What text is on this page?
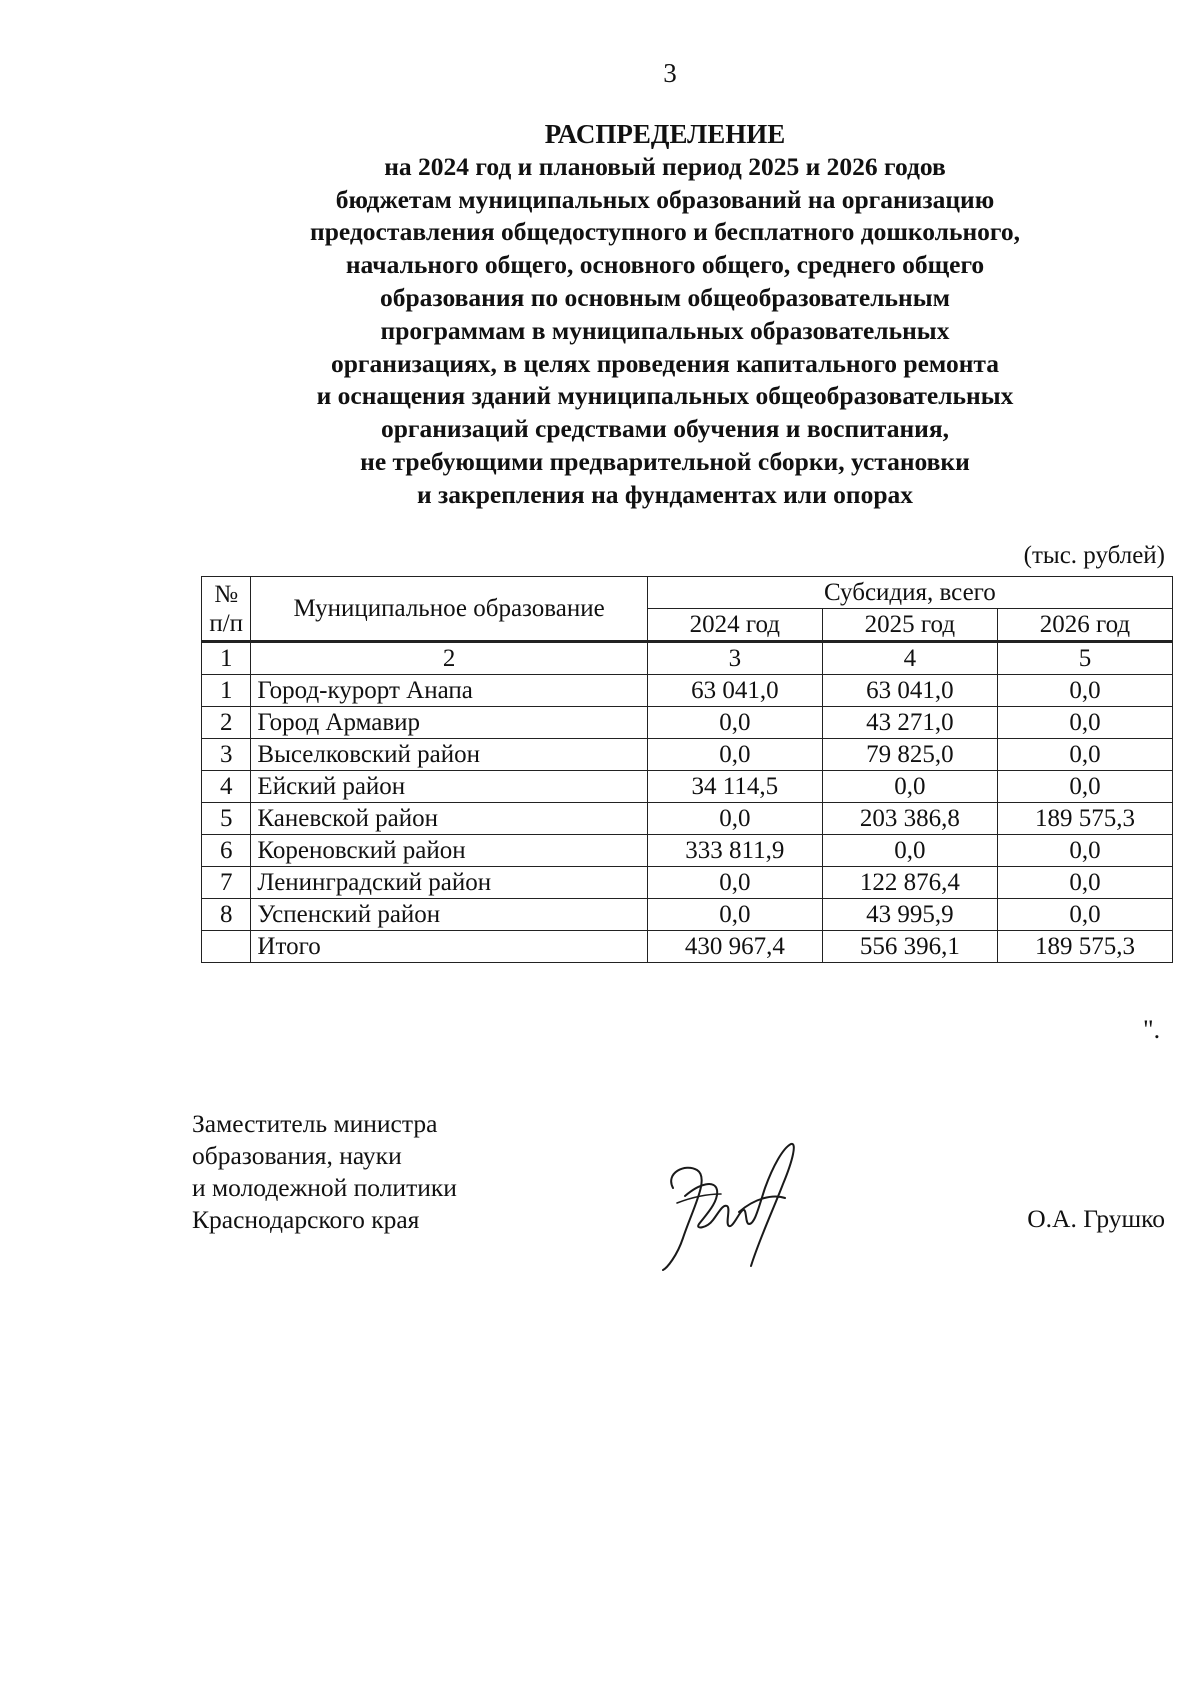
3
РАСПРЕДЕЛЕНИЕ
на 2024 год и плановый период 2025 и 2026 годов
бюджетам муниципальных образований на организацию
предоставления общедоступного и бесплатного дошкольного,
начального общего, основного общего, среднего общего
образования по основным общеобразовательным
программам в муниципальных образовательных
организациях, в целях проведения капитального ремонта
и оснащения зданий муниципальных общеобразовательных
организаций средствами обучения и воспитания,
не требующими предварительной сборки, установки
и закрепления на фундаментах или опорах
(тыс. рублей)
№ п/п	Муниципальное образование	Субсидия, всего		
		2024 год	2025 год	2026 год
1	2	3	4	5
1	Город-курорт Анапа	63 041,0	63 041,0	0,0
2	Город Армавир	0,0	43 271,0	0,0
3	Выселковский район	0,0	79 825,0	0,0
4	Ейский район	34 114,5	0,0	0,0
5	Каневской район	0,0	203 386,8	189 575,3
6	Кореновский район	333 811,9	0,0	0,0
7	Ленинградский район	0,0	122 876,4	0,0
8	Успенский район	0,0	43 995,9	0,0
	Итого	430 967,4	556 396,1	189 575,3
".
Заместитель министра
образования, науки
и молодежной политики
Краснодарского края	О.А. Грушко
